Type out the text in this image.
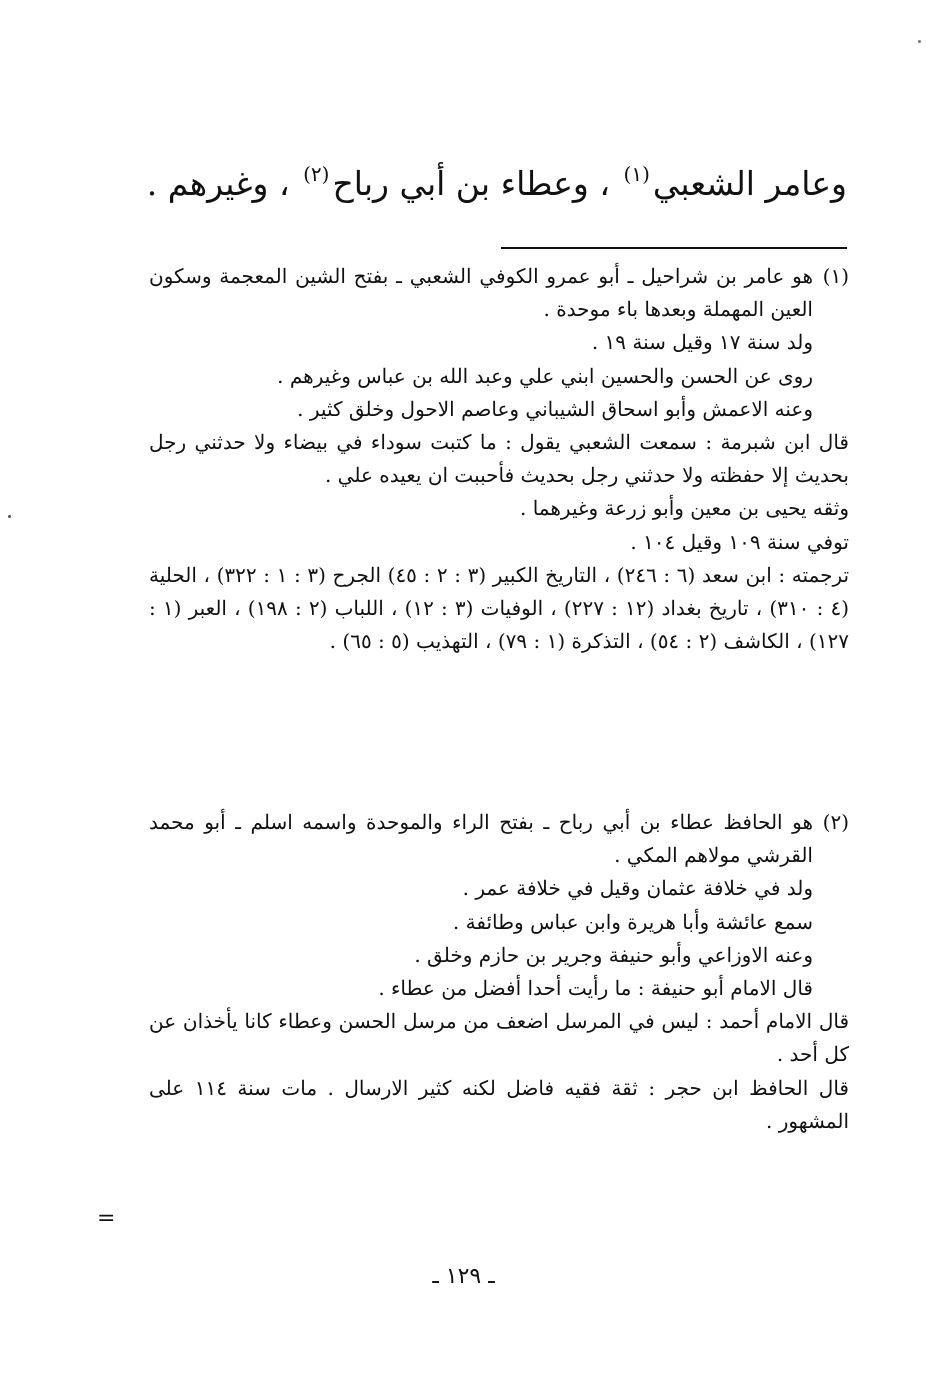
وعامر الشعبي$^{(١)}$ ، وعطاء بن أبي رباح$^{(٢)}$ ، وغيرهم .
(١)

هو عامر بن شراحيل ـ أبو عمرو الكوفي الشعبي ـ بفتح الشين المعجمة وسكون العين المهملة وبعدها باء موحدة .

ولد سنة ١٧ وقيل سنة ١٩ .

روى عن الحسن والحسين ابني علي وعبد الله بن عباس وغيرهم .

وعنه الاعمش وأبو اسحاق الشيباني وعاصم الاحول وخلق كثير .

قال ابن شبرمة : سمعت الشعبي يقول : ما كتبت سوداء في بيضاء ولا حدثني رجل بحديث إلا حفظته ولا حدثني رجل بحديث فأحببت ان يعيده علي .

وثقه يحيى بن معين وأبو زرعة وغيرهما .

توفي سنة ١٠٩ وقيل ١٠٤ .

ترجمته : ابن سعد (٦ : ٢٤٦) ، التاريخ الكبير (٣ : ٢ : ٤٥) الجرح (٣ : ١ : ٣٢٢) ، الحلية (٤ : ٣١٠) ، تاريخ بغداد (١٢ : ٢٢٧) ، الوفيات (٣ : ١٢) ، اللباب (٢ : ١٩٨) ، العبر (١ : ١٢٧) ، الكاشف (٢ : ٥٤) ، التذكرة (١ : ٧٩) ، التهذيب (٥ : ٦٥) .

(٢)

هو الحافظ عطاء بن أبي رباح ـ بفتح الراء والموحدة واسمه اسلم ـ أبو محمد القرشي مولاهم المكي .

ولد في خلافة عثمان وقيل في خلافة عمر .

سمع عائشة وأبا هريرة وابن عباس وطائفة .

وعنه الاوزاعي وأبو حنيفة وجرير بن حازم وخلق .

قال الامام أبو حنيفة : ما رأيت أحدا أفضل من عطاء .

قال الامام أحمد : ليس في المرسل اضعف من مرسل الحسن وعطاء كانا يأخذان عن كل أحد .

قال الحافظ ابن حجر : ثقة فقيه فاضل لكنه كثير الارسال . مات سنة ١١٤ على المشهور .

=
ـ ١٢٩ ـ
